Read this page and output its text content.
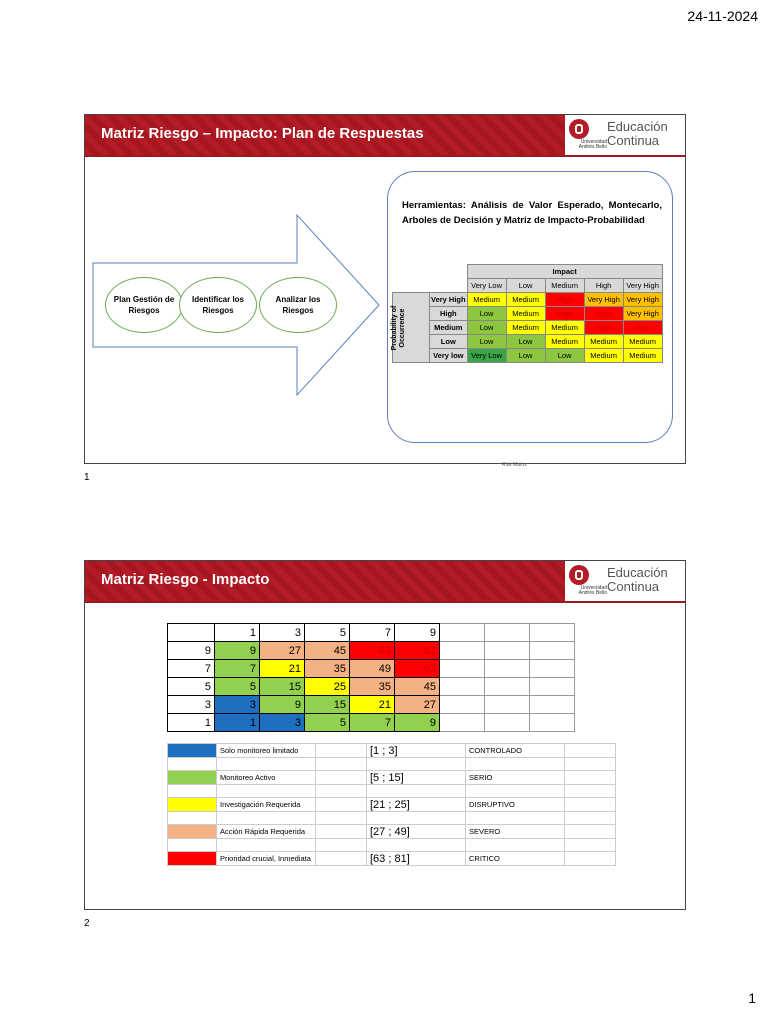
24-11-2024
Matriz Riesgo – Impacto: Plan de Respuestas	Universidad Andrés Bello
Educación
Continua
Plan Gestión de Riesgos
Identificar los Riesgos
Analizar los Riesgos
Herramientas: Análisis de Valor Esperado, Montecarlo, Arboles de Decisión y Matriz de Impacto-Probabilidad
		Impact				
		Very Low	Low	Medium	High	Very High

Probability of Occurrence	Very High	Medium	Medium	High	Very High	Very High
	High	Low	Medium	High	High	Very High
	Medium	Low	Medium	Medium	High	High
	Low	Low	Low	Medium	Medium	Medium
	Very low	Very Low	Low	Low	Medium	Medium
Risk Matrix
1
Matriz Riesgo - Impacto	Universidad Andrés Bello
Educación
Continua
	1	3	5	7	9			
9	9	27	45	63	81			
7	7	21	35	49	63			
5	5	15	25	35	45			
3	3	9	15	21	27			
1	1	3	5	7	9			
	Solo monitoreo limitado		[1 ; 3]	CONTROLADO	

	Monitoreo Activo		[5 ; 15]	SERIO	

	Investigación Requerida		[21 ; 25]	DISRUPTIVO	

	Acción Rápida Requerida		[27 ; 49]	SEVERO	

	Prioridad crucial, Inmediata		[63 ; 81]	CRITICO	
2
1
